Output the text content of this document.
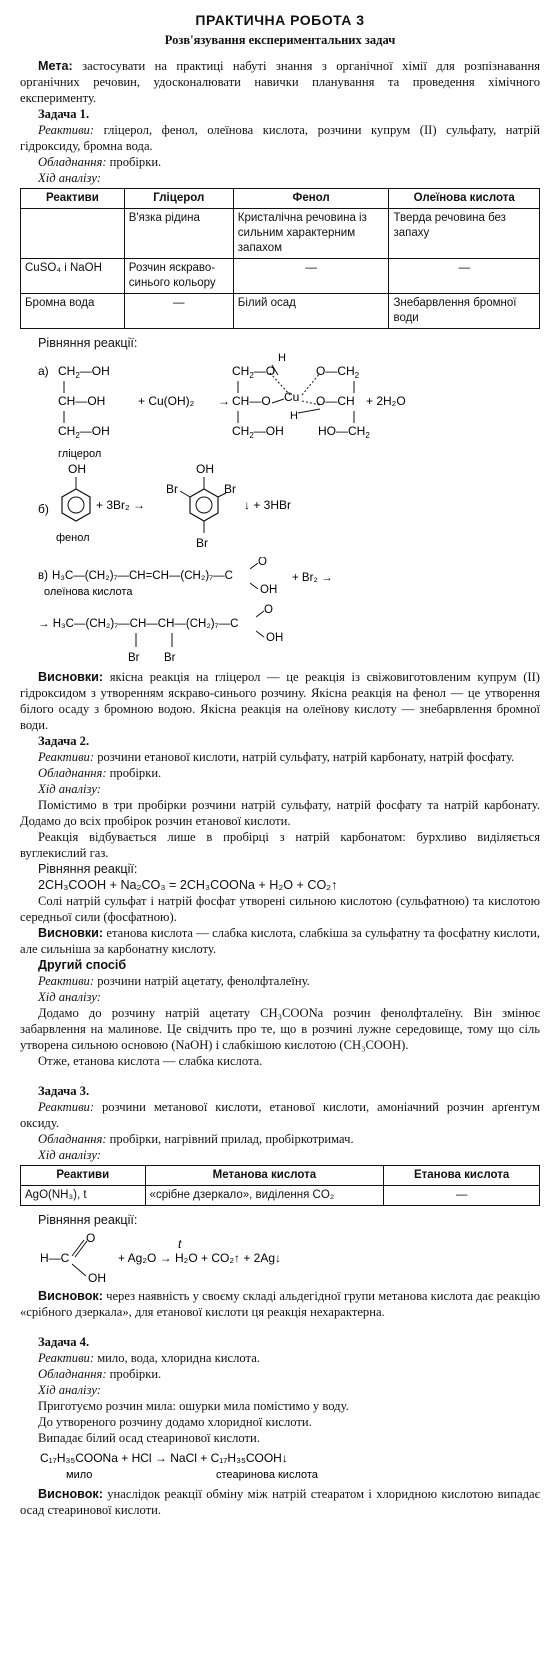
ПРАКТИЧНА РОБОТА 3
Розв'язування експериментальних задач

Мета: застосувати на практиці набуті знання з органічної хімії для розпізнавання органічних речовин, удосконалювати навички планування та проведення хімічного експерименту.

Задача 1.

Реактиви: гліцерол, фенол, олеїнова кислота, розчини купрум (II) сульфату, натрій гідроксиду, бромна вода.

Обладнання: пробірки.

Хід аналізу:

Реактиви	Гліцерол	Фенол	Олеїнова кислота
	В'язка рідина	Кристалічна речовина із сильним характерним запахом	Тверда речовина без запаху
CuSO₄ і NaOH	Розчин яскраво-синього кольору	—	—
Бромна вода	—	Білий осад	Знебарвлення бромної води

Рівняння реакції:

а) $CH_2—OH$
CH—OH
$CH_2—OH$
гліцерол
+ Cu(OH)₂ →
H
$CH_2—O$
CH—O Cu
$CH_2—OH$
H
$O—CH_2$
O—CH
$HO—CH_2$
+ 2H₂O
б)
OH
фенол
+ 3Br₂ →
OH
Br	Br
Br
↓ + 3HBr
в) H₃C—(CH₂)₇—CH=CH—(CH₂)₇—C
O
OH
+ Br₂ →
олеїнова кислота
→ H₃C—(CH₂)₇—CH—CH—(CH₂)₇—C
O
OH
Br Br

Висновки: якісна реакція на гліцерол — це реакція із свіжовиготовленим купрум (II) гідроксидом з утворенням яскраво-синього розчину. Якісна реакція на фенол — це утворення білого осаду з бромною водою. Якісна реакція на олеїнову кислоту — знебарвлення бромної води.

Задача 2.

Реактиви: розчини етанової кислоти, натрій сульфату, натрій карбонату, натрій фосфату.

Обладнання: пробірки.

Хід аналізу:

Помістимо в три пробірки розчини натрій сульфату, натрій фосфату та натрій карбонату. Додамо до всіх пробірок розчин етанової кислоти.

Реакція відбувається лише в пробірці з натрій карбонатом: бурхливо виділяється вуглекислий газ.

Рівняння реакції:

2CH₃COOH + Na₂CO₃ = 2CH₃COONa + H₂O + CO₂↑

Солі натрій сульфат і натрій фосфат утворені сильною кислотою (сульфатною) та кислотою середньої сили (фосфатною).

Висновки: етанова кислота — слабка кислота, слабкіша за сульфатну та фосфатну кислоти, але сильніша за карбонатну кислоту.

Другий спосіб

Реактиви: розчини натрій ацетату, фенолфталеїну.

Хід аналізу:

Додамо до розчину натрій ацетату CH₃COONa розчин фенолфталеїну. Він змінює забарвлення на малинове. Це свідчить про те, що в розчині лужне середовище, тому що сіль утворена сильною основою (NaOH) і слабкішою кислотою (CH₃COOH).

Отже, етанова кислота — слабка кислота.

Задача 3.

Реактиви: розчини метанової кислоти, етанової кислоти, амоніачний розчин арґентум оксиду.

Обладнання: пробірки, нагрівний прилад, пробіркотримач.

Хід аналізу:

Реактиви	Метанова кислота	Етанова кислота
AgO(NH₃), t	«срібне дзеркало», виділення CO₂	—

Рівняння реакції:

H—C
O
OH
t
+ Ag₂O → H₂O + CO₂↑ + 2Ag↓

Висновок: через наявність у своєму складі альдегідної групи метанова кислота дає реакцію «срібного дзеркала», для етанової кислоти ця реакція нехарактерна.

Задача 4.

Реактиви: мило, вода, хлоридна кислота.

Обладнання: пробірки.

Хід аналізу:

Приготуємо розчин мила: ошурки мила помістимо у воду.

До утвореного розчину додамо хлоридної кислоти.

Випадає білий осад стеаринової кислоти.

C₁₇H₃₅COONa + HCl → NaCl + C₁₇H₃₅COOH↓
мило	стеаринова кислота

Висновок: унаслідок реакції обміну між натрій стеаратом і хлоридною кислотою випадає осад стеаринової кислоти.
